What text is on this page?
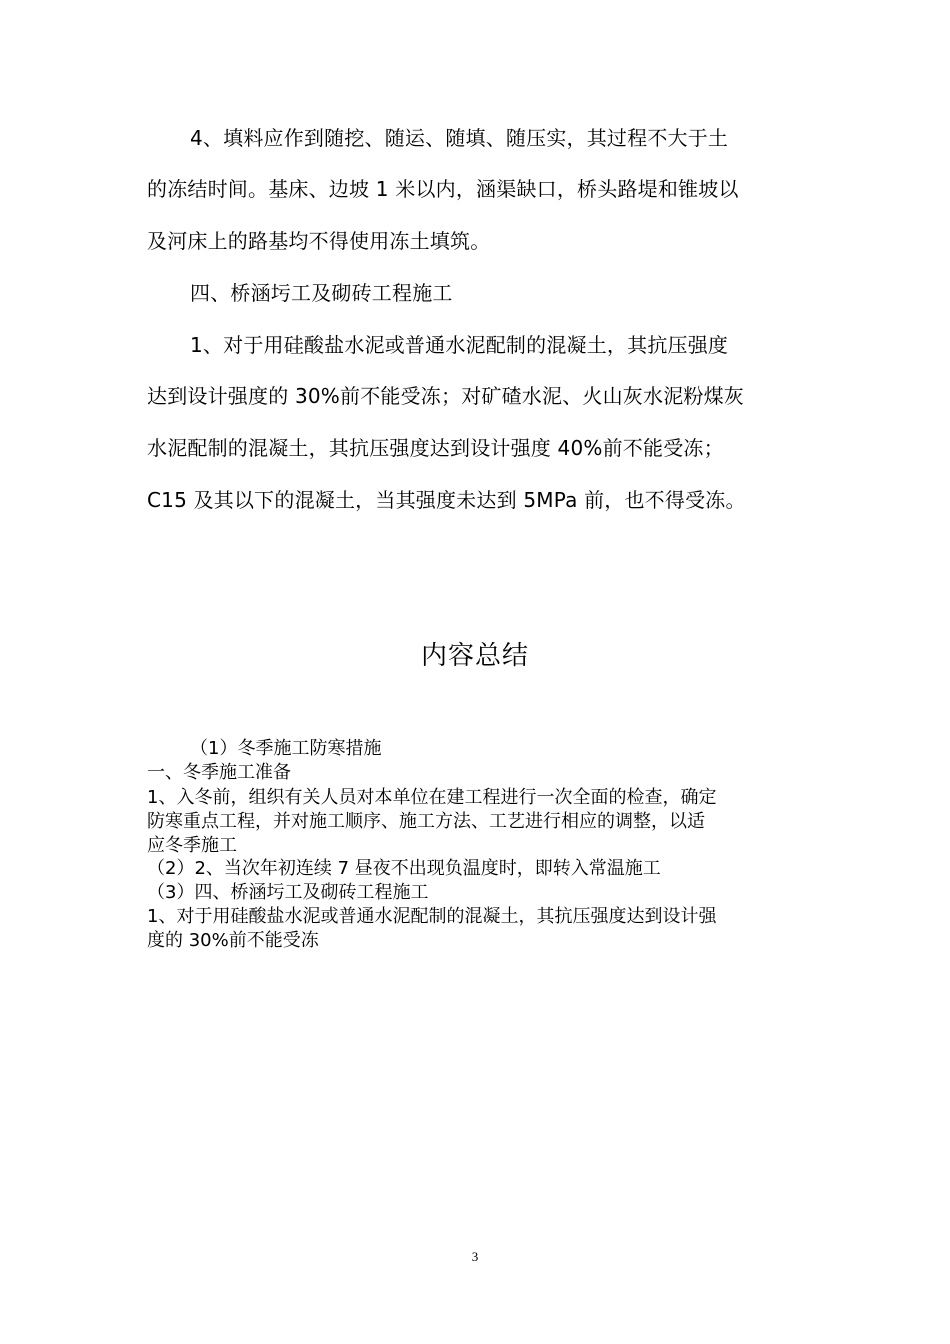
4、填料应作到随挖、随运、随填、随压实，其过程不大于土
的冻结时间。基床、边坡 1 米以内，涵渠缺口，桥头路堤和锥坡以
及河床上的路基均不得使用冻土填筑。
四、桥涵圬工及砌砖工程施工
1、对于用硅酸盐水泥或普通水泥配制的混凝土，其抗压强度
达到设计强度的 30%前不能受冻；对矿碴水泥、火山灰水泥粉煤灰
水泥配制的混凝土，其抗压强度达到设计强度 40%前不能受冻；
C15 及其以下的混凝土，当其强度未达到 5MPa 前，也不得受冻。
内容总结
（1）冬季施工防寒措施
一、冬季施工准备
1、入冬前，组织有关人员对本单位在建工程进行一次全面的检查，确定
防寒重点工程，并对施工顺序、施工方法、工艺进行相应的调整，以适
应冬季施工
（2）2、当次年初连续 7 昼夜不出现负温度时，即转入常温施工
（3）四、桥涵圬工及砌砖工程施工
1、对于用硅酸盐水泥或普通水泥配制的混凝土，其抗压强度达到设计强
度的 30%前不能受冻
3
